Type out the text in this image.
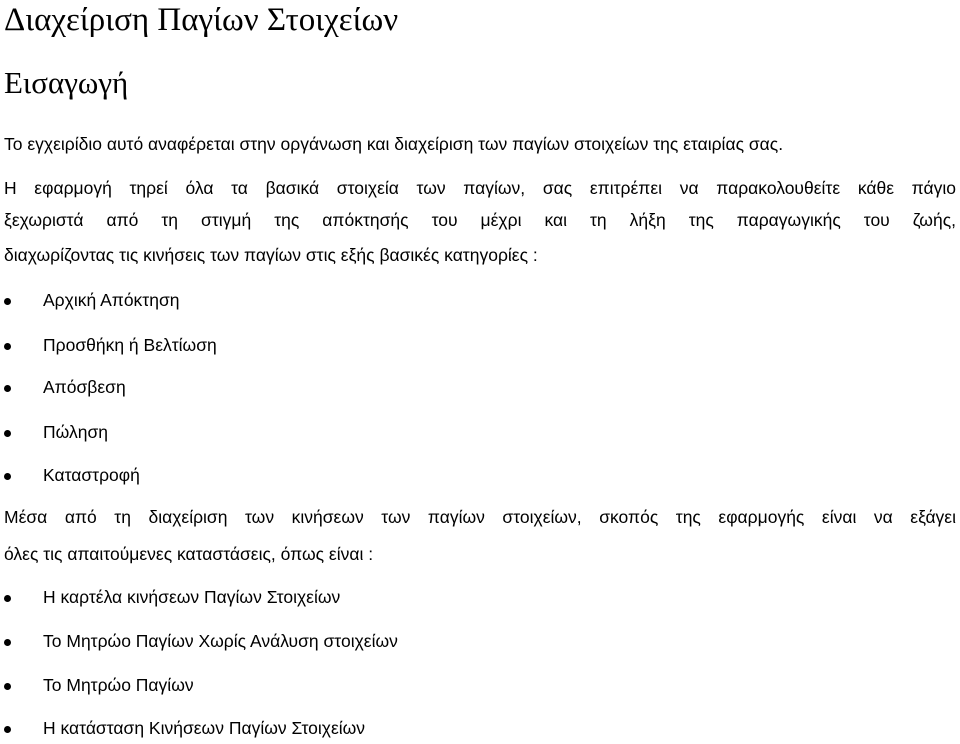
Διαχείριση Παγίων Στοιχείων
Εισαγωγή

Το εγχειρίδιο αυτό αναφέρεται στην οργάνωση και διαχείριση των παγίων στοιχείων της εταιρίας σας.

Η εφαρμογή τηρεί όλα τα βασικά στοιχεία των παγίων, σας επιτρέπει να παρακολουθείτε κάθε πάγιο
ξεχωριστά από τη στιγμή της απόκτησής του μέχρι και τη λήξη της παραγωγικής του ζωής,
διαχωρίζοντας τις κινήσεις των παγίων στις εξής βασικές κατηγορίες :
Αρχική Απόκτηση
Προσθήκη ή Βελτίωση
Απόσβεση
Πώληση
Καταστροφή
Μέσα από τη διαχείριση των κινήσεων των παγίων στοιχείων, σκοπός της εφαρμογής είναι να εξάγει
όλες τις απαιτούμενες καταστάσεις, όπως είναι :
Η καρτέλα κινήσεων Παγίων Στοιχείων
Το Μητρώο Παγίων Χωρίς Ανάλυση στοιχείων
Το Μητρώο Παγίων
Η κατάσταση Κινήσεων Παγίων Στοιχείων
